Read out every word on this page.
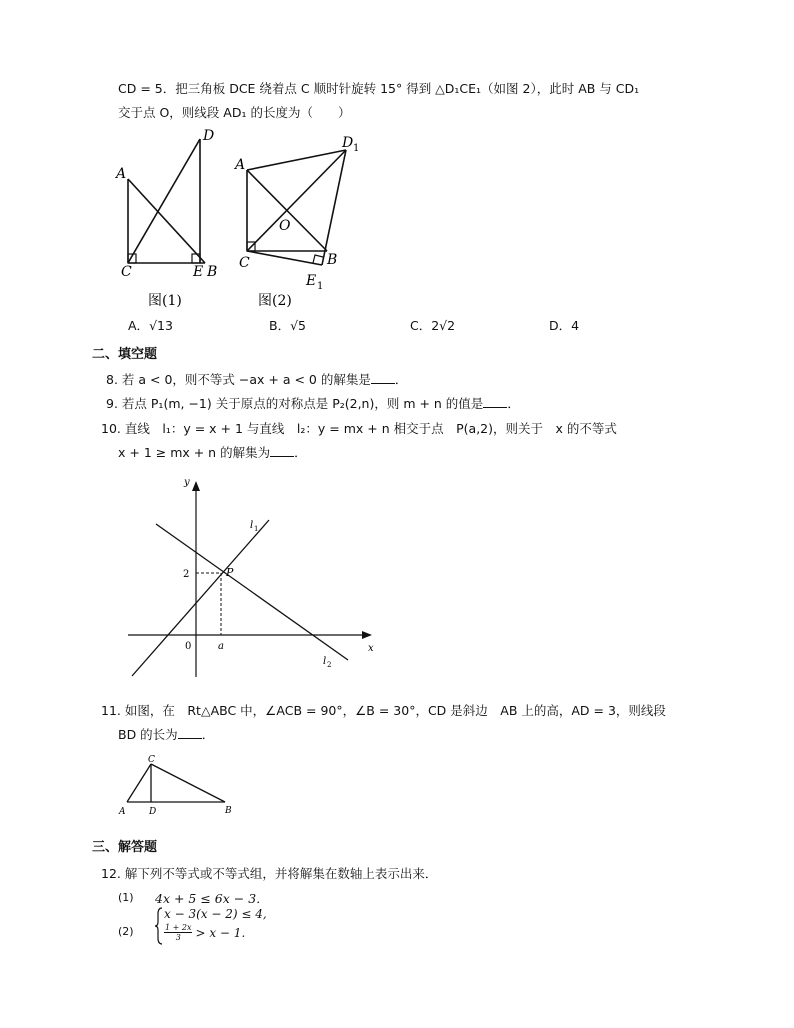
CD = 5．把三角板 DCE 绕着点 C 顺时针旋转 15° 得到 △D₁CE₁（如图 2），此时 AB 与 CD₁
交于点 O，则线段 AD₁ 的长度为（　　）
A
D
C	E B
图(1)
A
D 1
O
C	B
E 1
图(2)
A．√13	B．√5	C．2√2	D．4
二、填空题
8. 若 a < 0，则不等式 −ax + a < 0 的解集是 ．
9. 若点 P₁(m, −1) 关于原点的对称点是 P₂(2,n)，则 m + n 的值是 ．
10. 直线　l₁：y = x + 1 与直线　l₂：y = mx + n 相交于点　P(a,2)，则关于　x 的不等式
x + 1 ≥ mx + n 的解集为 ．
y
x
l 1
l 2
P
2
0	a
11. 如图，在　Rt△ABC 中，∠ACB = 90°，∠B = 30°，CD 是斜边　AB 上的高，AD = 3，则线段
BD 的长为 ．
C
A	D	B
三、解答题
12. 解下列不等式或不等式组，并将解集在数轴上表示出来．
(1) 4x + 5 ≤ 6x − 3．
(2)
x − 3(x − 2) ≤ 4,
$\frac{1 + 2x}{3} > x - 1$.
